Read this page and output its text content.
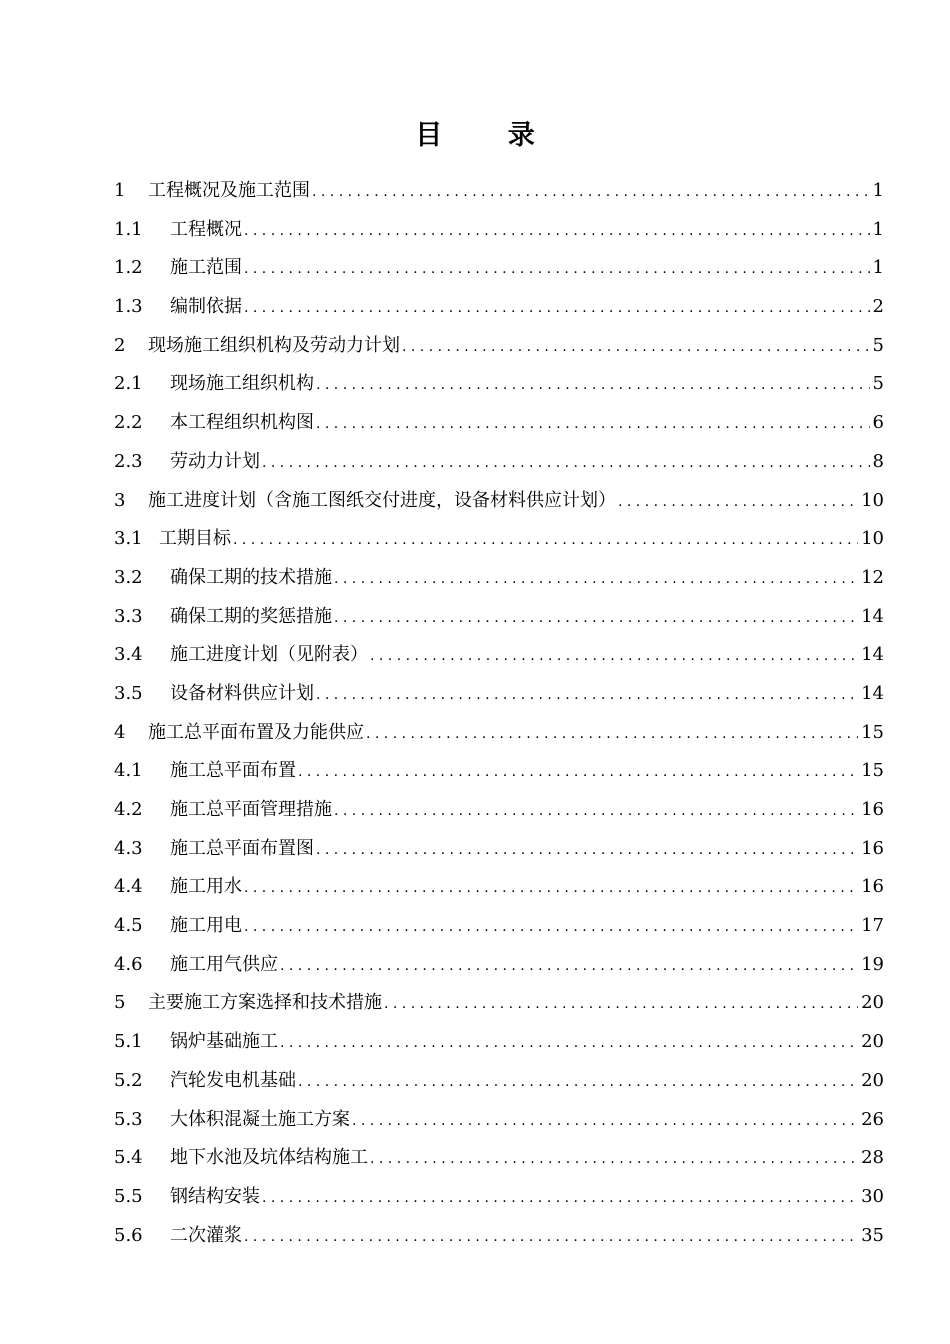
目 录
1	工程概况及施工范围 . . .	1
1.1	工程概况 . . .	1
1.2	施工范围 . . .	1
1.3	编制依据 . . .	2
2	现场施工组织机构及劳动力计划 . . .	5
2.1	现场施工组织机构 . . .	5
2.2	本工程组织机构图 . . .	6
2.3	劳动力计划 . . .	8
3	施工进度计划（含施工图纸交付进度，设备材料供应计划） . . .	10
3.1 工期目标 . . .	10
3.2	确保工期的技术措施 . . .	12
3.3	确保工期的奖惩措施 . . .	14
3.4	施工进度计划（见附表） . . .	14
3.5	设备材料供应计划 . . .	14
4	施工总平面布置及力能供应 . . .	15
4.1	施工总平面布置 . . .	15
4.2	施工总平面管理措施 . . .	16
4.3	施工总平面布置图 . . .	16
4.4	施工用水 . . .	16
4.5	施工用电 . . .	17
4.6	施工用气供应 . . .	19
5	主要施工方案选择和技术措施 . . .	20
5.1	锅炉基础施工 . . .	20
5.2	汽轮发电机基础 . . .	20
5.3	大体积混凝土施工方案 . . .	26
5.4	地下水池及坑体结构施工 . . .	28
5.5	钢结构安装 . . .	30
5.6	二次灌浆 . . .	35
